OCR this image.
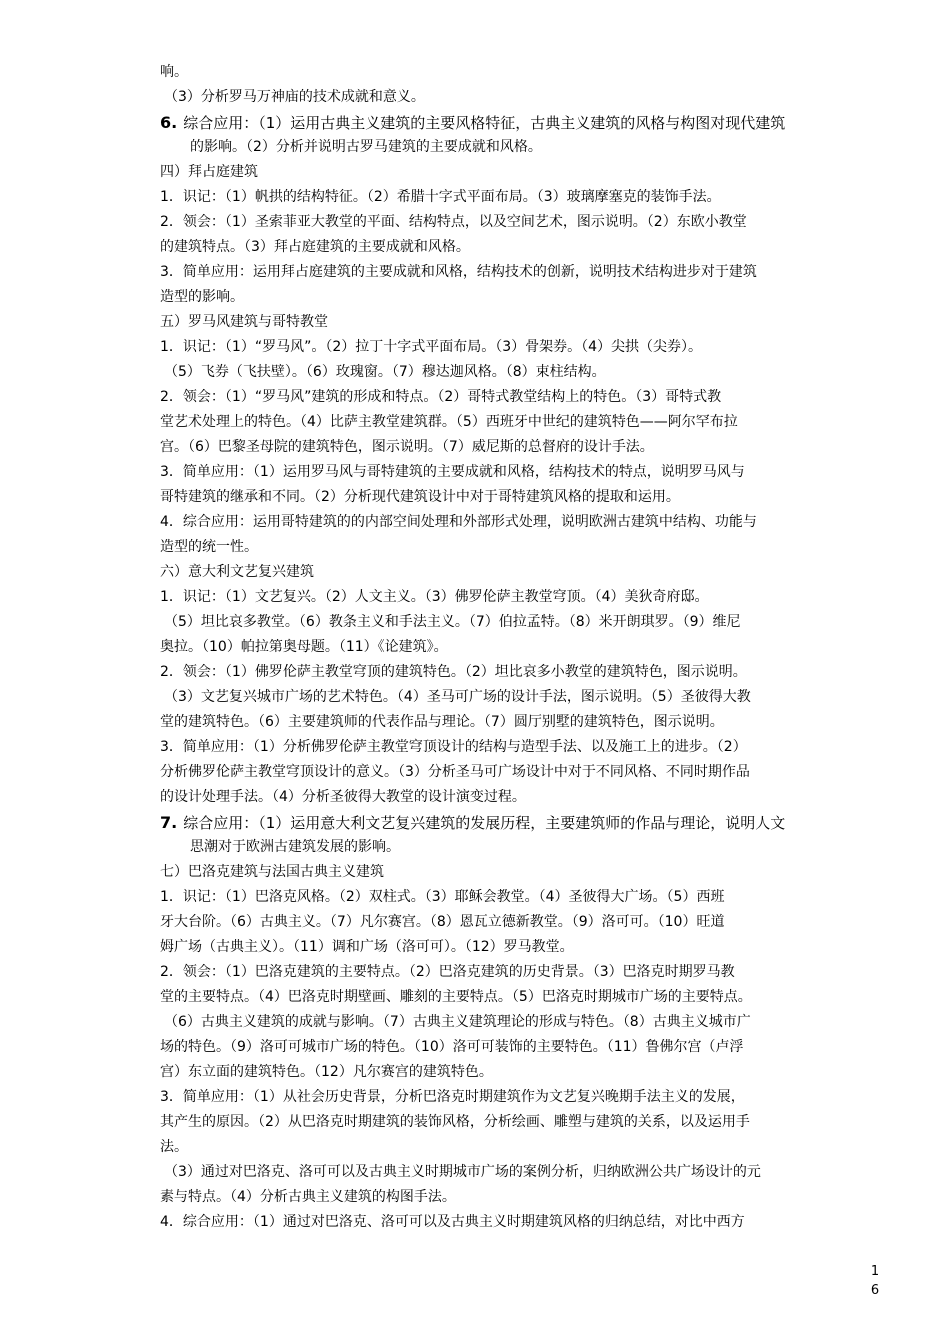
响。
（3）分析罗马万神庙的技术成就和意义。
6. 综合应用：（1）运用古典主义建筑的主要风格特征，古典主义建筑的风格与构图对现代建筑
的影响。（2）分析并说明古罗马建筑的主要成就和风格。
四）拜占庭建筑
1．识记：（1）帆拱的结构特征。（2）希腊十字式平面布局。（3）玻璃摩塞克的装饰手法。
2．领会：（1）圣索菲亚大教堂的平面、结构特点，以及空间艺术，图示说明。（2）东欧小教堂
的建筑特点。（3）拜占庭建筑的主要成就和风格。
3．简单应用：运用拜占庭建筑的主要成就和风格，结构技术的创新，说明技术结构进步对于建筑
造型的影响。
五）罗马风建筑与哥特教堂
1．识记：（1）“罗马风”。（2）拉丁十字式平面布局。（3）骨架券。（4）尖拱（尖券）。
（5）飞券（飞扶壁）。（6）玫瑰窗。（7）穆达迦风格。（8）束柱结构。
2．领会：（1）“罗马风”建筑的形成和特点。（2）哥特式教堂结构上的特色。（3）哥特式教
堂艺术处理上的特色。（4）比萨主教堂建筑群。（5）西班牙中世纪的建筑特色——阿尔罕布拉
宫。（6）巴黎圣母院的建筑特色，图示说明。（7）威尼斯的总督府的设计手法。
3．简单应用：（1）运用罗马风与哥特建筑的主要成就和风格，结构技术的特点，说明罗马风与
哥特建筑的继承和不同。（2）分析现代建筑设计中对于哥特建筑风格的提取和运用。
4．综合应用：运用哥特建筑的的内部空间处理和外部形式处理，说明欧洲古建筑中结构、功能与
造型的统一性。
六）意大利文艺复兴建筑
1．识记：（1）文艺复兴。（2）人文主义。（3）佛罗伦萨主教堂穹顶。（4）美狄奇府邸。
（5）坦比哀多教堂。（6）教条主义和手法主义。（7）伯拉孟特。（8）米开朗琪罗。（9）维尼
奥拉。（10）帕拉第奥母题。（11）《论建筑》。
2．领会：（1）佛罗伦萨主教堂穹顶的建筑特色。（2）坦比哀多小教堂的建筑特色，图示说明。
（3）文艺复兴城市广场的艺术特色。（4）圣马可广场的设计手法，图示说明。（5）圣彼得大教
堂的建筑特色。（6）主要建筑师的代表作品与理论。（7）圆厅别墅的建筑特色，图示说明。
3．简单应用：（1）分析佛罗伦萨主教堂穹顶设计的结构与造型手法、以及施工上的进步。（2）
分析佛罗伦萨主教堂穹顶设计的意义。（3）分析圣马可广场设计中对于不同风格、不同时期作品
的设计处理手法。（4）分析圣彼得大教堂的设计演变过程。
7. 综合应用：（1）运用意大利文艺复兴建筑的发展历程，主要建筑师的作品与理论，说明人文
思潮对于欧洲古建筑发展的影响。
七）巴洛克建筑与法国古典主义建筑
1．识记：（1）巴洛克风格。（2）双柱式。（3）耶稣会教堂。（4）圣彼得大广场。（5）西班
牙大台阶。（6）古典主义。（7）凡尔赛宫。（8）恩瓦立德新教堂。（9）洛可可。（10）旺道
姆广场（古典主义）。（11）调和广场（洛可可）。（12）罗马教堂。
2．领会：（1）巴洛克建筑的主要特点。（2）巴洛克建筑的历史背景。（3）巴洛克时期罗马教
堂的主要特点。（4）巴洛克时期壁画、雕刻的主要特点。（5）巴洛克时期城市广场的主要特点。
（6）古典主义建筑的成就与影响。（7）古典主义建筑理论的形成与特色。（8）古典主义城市广
场的特色。（9）洛可可城市广场的特色。（10）洛可可装饰的主要特色。（11）鲁佛尔宫（卢浮
宫）东立面的建筑特色。（12）凡尔赛宫的建筑特色。
3．简单应用：（1）从社会历史背景，分析巴洛克时期建筑作为文艺复兴晚期手法主义的发展，
其产生的原因。（2）从巴洛克时期建筑的装饰风格，分析绘画、雕塑与建筑的关系，以及运用手
法。
（3）通过对巴洛克、洛可可以及古典主义时期城市广场的案例分析，归纳欧洲公共广场设计的元
素与特点。（4）分析古典主义建筑的构图手法。
4．综合应用：（1）通过对巴洛克、洛可可以及古典主义时期建筑风格的归纳总结，对比中西方
1
6
